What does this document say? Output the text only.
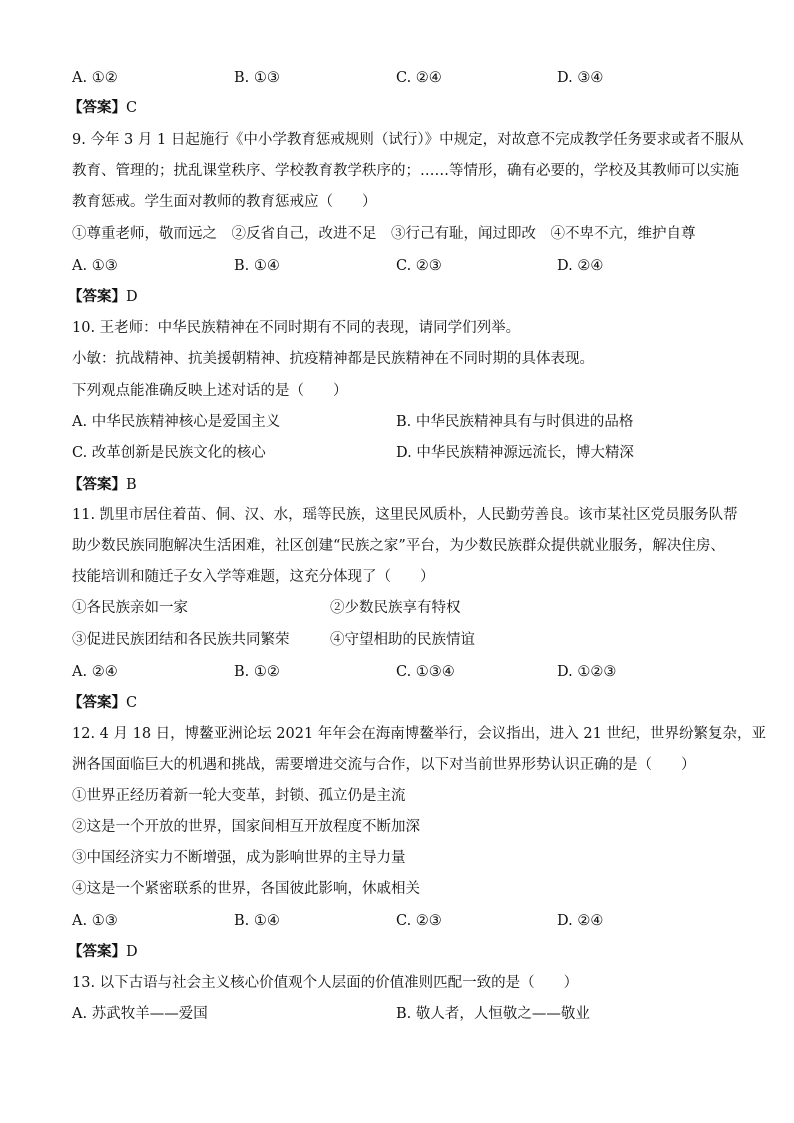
A. ①②	B. ①③	C. ②④	D. ③④
【答案】C
9. 今年 3 月 1 日起施行《中小学教育惩戒规则（试行）》中规定，对故意不完成教学任务要求或者不服从
教育、管理的；扰乱课堂秩序、学校教育教学秩序的；……等情形，确有必要的，学校及其教师可以实施
教育惩戒。学生面对教师的教育惩戒应（　　）
①尊重老师，敬而远之　②反省自己，改进不足　③行己有耻，闻过即改　④不卑不亢，维护自尊
A. ①③	B. ①④	C. ②③	D. ②④
【答案】D
10. 王老师：中华民族精神在不同时期有不同的表现，请同学们列举。
小敏：抗战精神、抗美援朝精神、抗疫精神都是民族精神在不同时期的具体表现。
下列观点能准确反映上述对话的是（　　）
A. 中华民族精神核心是爱国主义	B. 中华民族精神具有与时俱进的品格
C. 改革创新是民族文化的核心	D. 中华民族精神源远流长，博大精深
【答案】B
11. 凯里市居住着苗、侗、汉、水，瑶等民族，这里民风质朴，人民勤劳善良。该市某社区党员服务队帮
助少数民族同胞解决生活困难，社区创建“民族之家”平台，为少数民族群众提供就业服务，解决住房、
技能培训和随迁子女入学等难题，这充分体现了（　　）
①各民族亲如一家	②少数民族享有特权
③促进民族团结和各民族共同繁荣	④守望相助的民族情谊
A. ②④	B. ①②	C. ①③④	D. ①②③
【答案】C
12. 4 月 18 日，博鳌亚洲论坛 2021 年年会在海南博鳌举行，会议指出，进入 21 世纪，世界纷繁复杂，亚
洲各国面临巨大的机遇和挑战，需要增进交流与合作，以下对当前世界形势认识正确的是（　　）
①世界正经历着新一轮大变革，封锁、孤立仍是主流
②这是一个开放的世界，国家间相互开放程度不断加深
③中国经济实力不断增强，成为影响世界的主导力量
④这是一个紧密联系的世界，各国彼此影响，休戚相关
A. ①③	B. ①④	C. ②③	D. ②④
【答案】D
13. 以下古语与社会主义核心价值观个人层面的价值准则匹配一致的是（　　）
A. 苏武牧羊——爱国	B. 敬人者，人恒敬之——敬业
